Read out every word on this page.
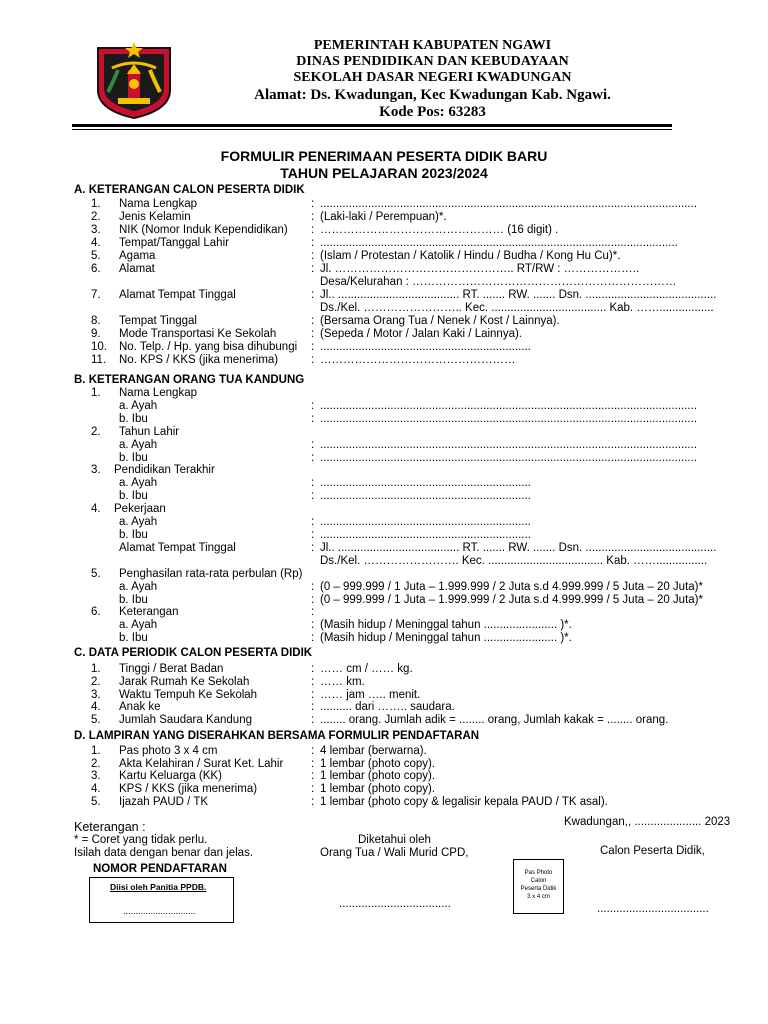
PEMERINTAH KABUPATEN NGAWI
DINAS PENDIDIKAN DAN KEBUDAYAAN
SEKOLAH DASAR NEGERI KWADUNGAN
Alamat: Ds. Kwadungan, Kec Kwadungan Kab. Ngawi.
Kode Pos: 63283
FORMULIR PENERIMAAN PESERTA DIDIK BARU
TAHUN PELAJARAN 2023/2024
A. KETERANGAN CALON PESERTA DIDIK
1. Nama Lengkap	: ......................................................................................................................
2. Jenis Kelamin	: (Laki-laki / Perempuan)*.
3. NIK (Nomor Induk Kependidikan) : ………………………………………… (16 digit) .
4. Tempat/Tanggal Lahir	: ................................................................................................................
5. Agama	: (Islam / Protestan / Katolik / Hindu / Budha / Kong Hu Cu)*.
6. Alamat	: Jl. ……………………………………….. RT/RW : ………………..
Desa/Kelurahan : ……………………………………………………………
7. Alamat Tempat Tinggal	: Jl.. ...................................... RT. ....... RW. ....... Dsn. .........................................
Ds./Kel. …………………….. Kec. .................................... Kab. …….................
8. Tempat Tinggal	: (Bersama Orang Tua / Nenek / Kost / Lainnya).
9. Mode Transportasi Ke Sekolah	: (Sepeda / Motor / Jalan Kaki / Lainnya).
10. No. Telp. / Hp. yang bisa dihubungi : ..................................................................
11. No. KPS / KKS (jika menerima)	: ……………………………………………
B. KETERANGAN ORANG TUA KANDUNG
1. Nama Lengkap
a. Ayah	: ......................................................................................................................
b. Ibu	: ......................................................................................................................
2. Tahun Lahir
a. Ayah	: ......................................................................................................................
b. Ibu	: ......................................................................................................................
3. Pendidikan Terakhir
a. Ayah	: ..................................................................
b. Ibu	: ..................................................................
4. Pekerjaan
a. Ayah	: ..................................................................
b. Ibu	: ..................................................................
Alamat Tempat Tinggal	: Jl.. ...................................... RT. ....... RW. ....... Dsn. .........................................
Ds./Kel. ……………………. Kec. .................................... Kab. ……................
5. Penghasilan rata-rata perbulan (Rp)
a. Ayah	: (0 – 999.999 / 1 Juta – 1.999.999 / 2 Juta s.d 4.999.999 / 5 Juta – 20 Juta)*
b. Ibu	: (0 – 999.999 / 1 Juta – 1.999.999 / 2 Juta s.d 4.999.999 / 5 Juta – 20 Juta)*
6. Keterangan	:
a. Ayah	: (Masih hidup / Meninggal tahun ....................... )*.
b. Ibu	: (Masih hidup / Meninggal tahun ....................... )*.
C. DATA PERIODIK CALON PESERTA DIDIK
1. Tinggi / Berat Badan	: …… cm / …… kg.
2. Jarak Rumah Ke Sekolah	: …… km.
3. Waktu Tempuh Ke Sekolah	: …… jam ….. menit.
4. Anak ke	: .......... dari …….. saudara.
5. Jumlah Saudara Kandung	: ........ orang. Jumlah adik = ........ orang, Jumlah kakak = ........ orang.
D. LAMPIRAN YANG DISERAHKAN BERSAMA FORMULIR PENDAFTARAN
1. Pas photo 3 x 4 cm	: 4 lembar (berwarna).
2. Akta Kelahiran / Surat Ket. Lahir : 1 lembar (photo copy).
3. Kartu Keluarga (KK)	: 1 lembar (photo copy).
4. KPS / KKS (jika menerima)	: 1 lembar (photo copy).
5. Ijazah PAUD / TK	: 1 lembar (photo copy & legalisir kepala PAUD / TK asal).
Keterangan :
* = Coret yang tidak perlu.
Isilah data dengan benar dan jelas.
Kwadungan,, ..................... 2023
Diketahui oleh
Orang Tua / Wali Murid CPD,	Calon Peserta Didik,
NOMOR PENDAFTARAN
Diisi oleh Panitia PPDB.
.............................
Pas Photo
Calon
Peserta Didik
3 x 4 cm
...................................	...................................
